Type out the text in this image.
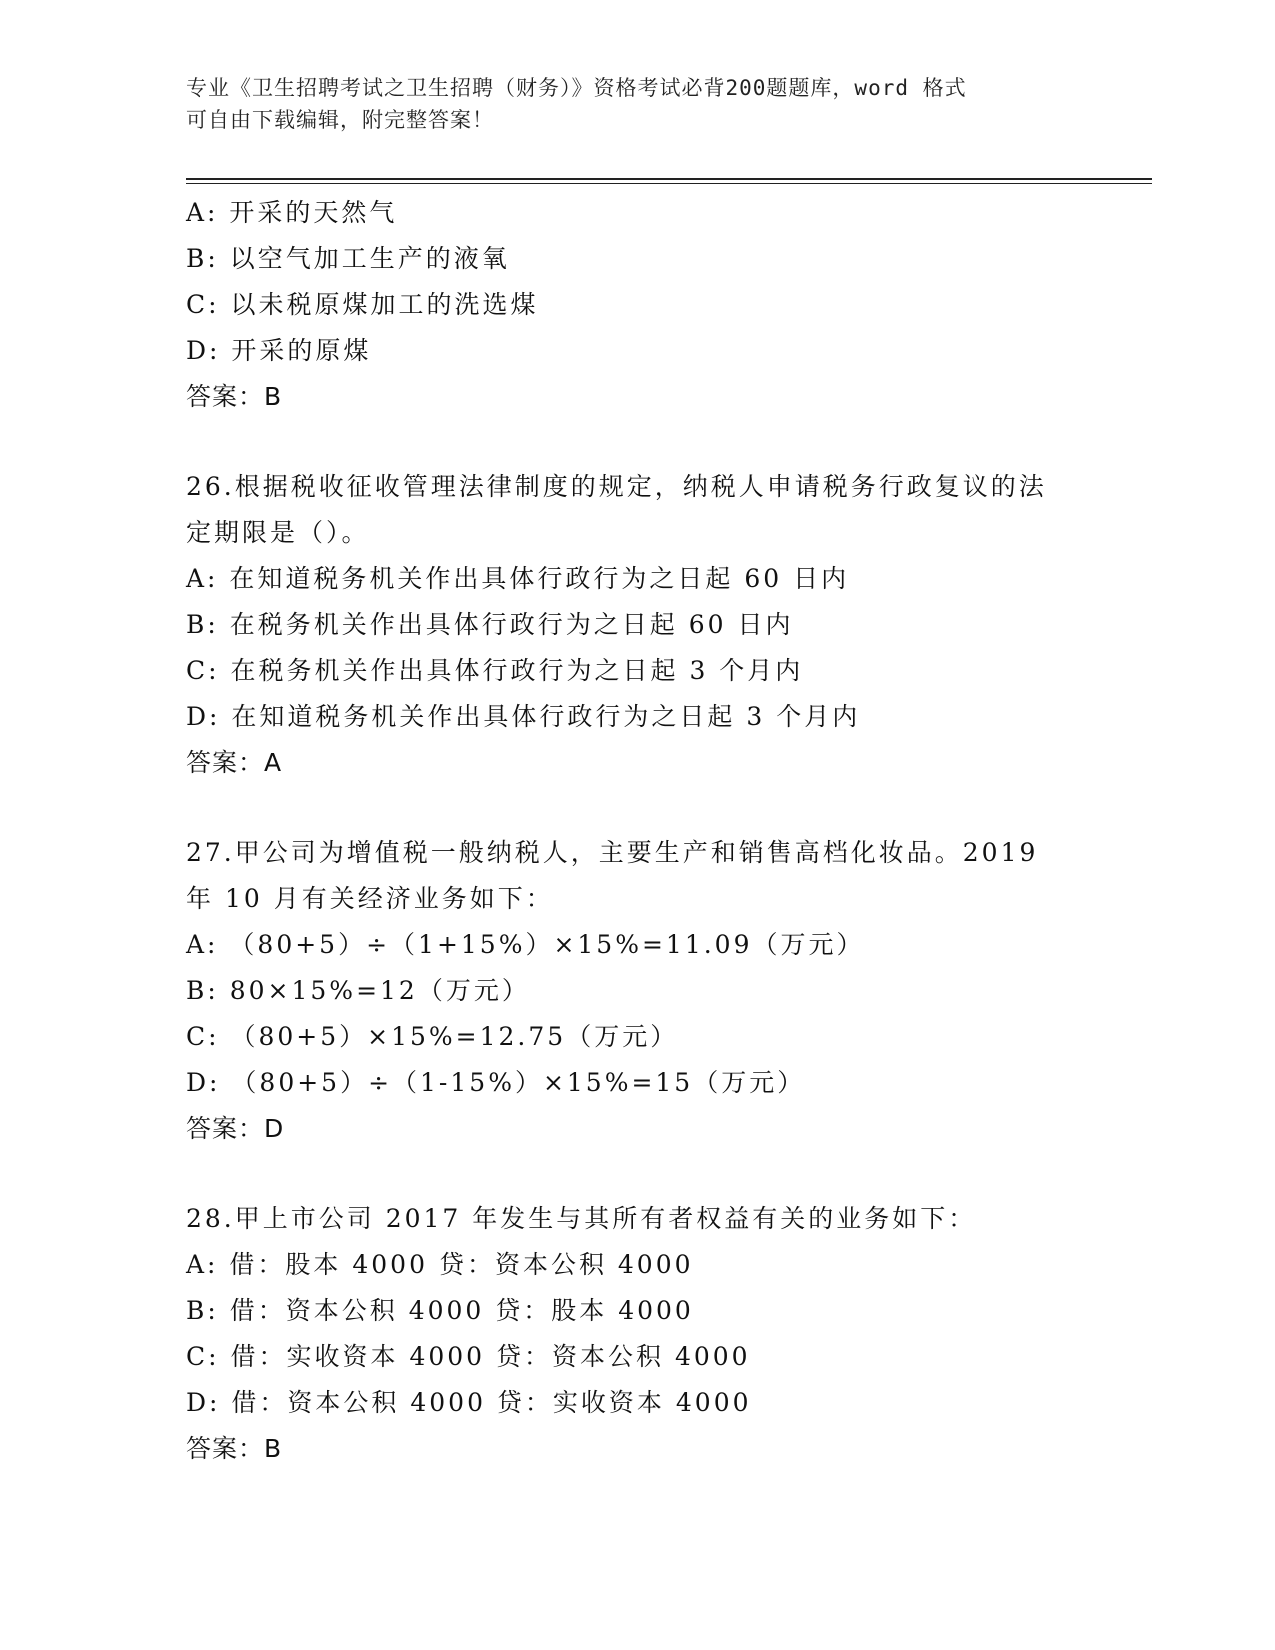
专业《卫生招聘考试之卫生招聘（财务）》资格考试必背200题题库，word 格式
可自由下载编辑，附完整答案！
A: 开采的天然气
B: 以空气加工生产的液氧
C: 以未税原煤加工的洗选煤
D: 开采的原煤
答案：B
26.根据税收征收管理法律制度的规定，纳税人申请税务行政复议的法
定期限是（）。
A: 在知道税务机关作出具体行政行为之日起 60 日内
B: 在税务机关作出具体行政行为之日起 60 日内
C: 在税务机关作出具体行政行为之日起 3 个月内
D: 在知道税务机关作出具体行政行为之日起 3 个月内
答案：A
27.甲公司为增值税一般纳税人，主要生产和销售高档化妆品。2019
年 10 月有关经济业务如下：
A: （80+5）÷（1+15%）×15%=11.09（万元）
B: 80×15%=12（万元）
C: （80+5）×15%=12.75（万元）
D: （80+5）÷（1-15%）×15%=15（万元）
答案：D
28.甲上市公司 2017 年发生与其所有者权益有关的业务如下：
A: 借：股本 4000 贷：资本公积 4000
B: 借：资本公积 4000 贷：股本 4000
C: 借：实收资本 4000 贷：资本公积 4000
D: 借：资本公积 4000 贷：实收资本 4000
答案：B
